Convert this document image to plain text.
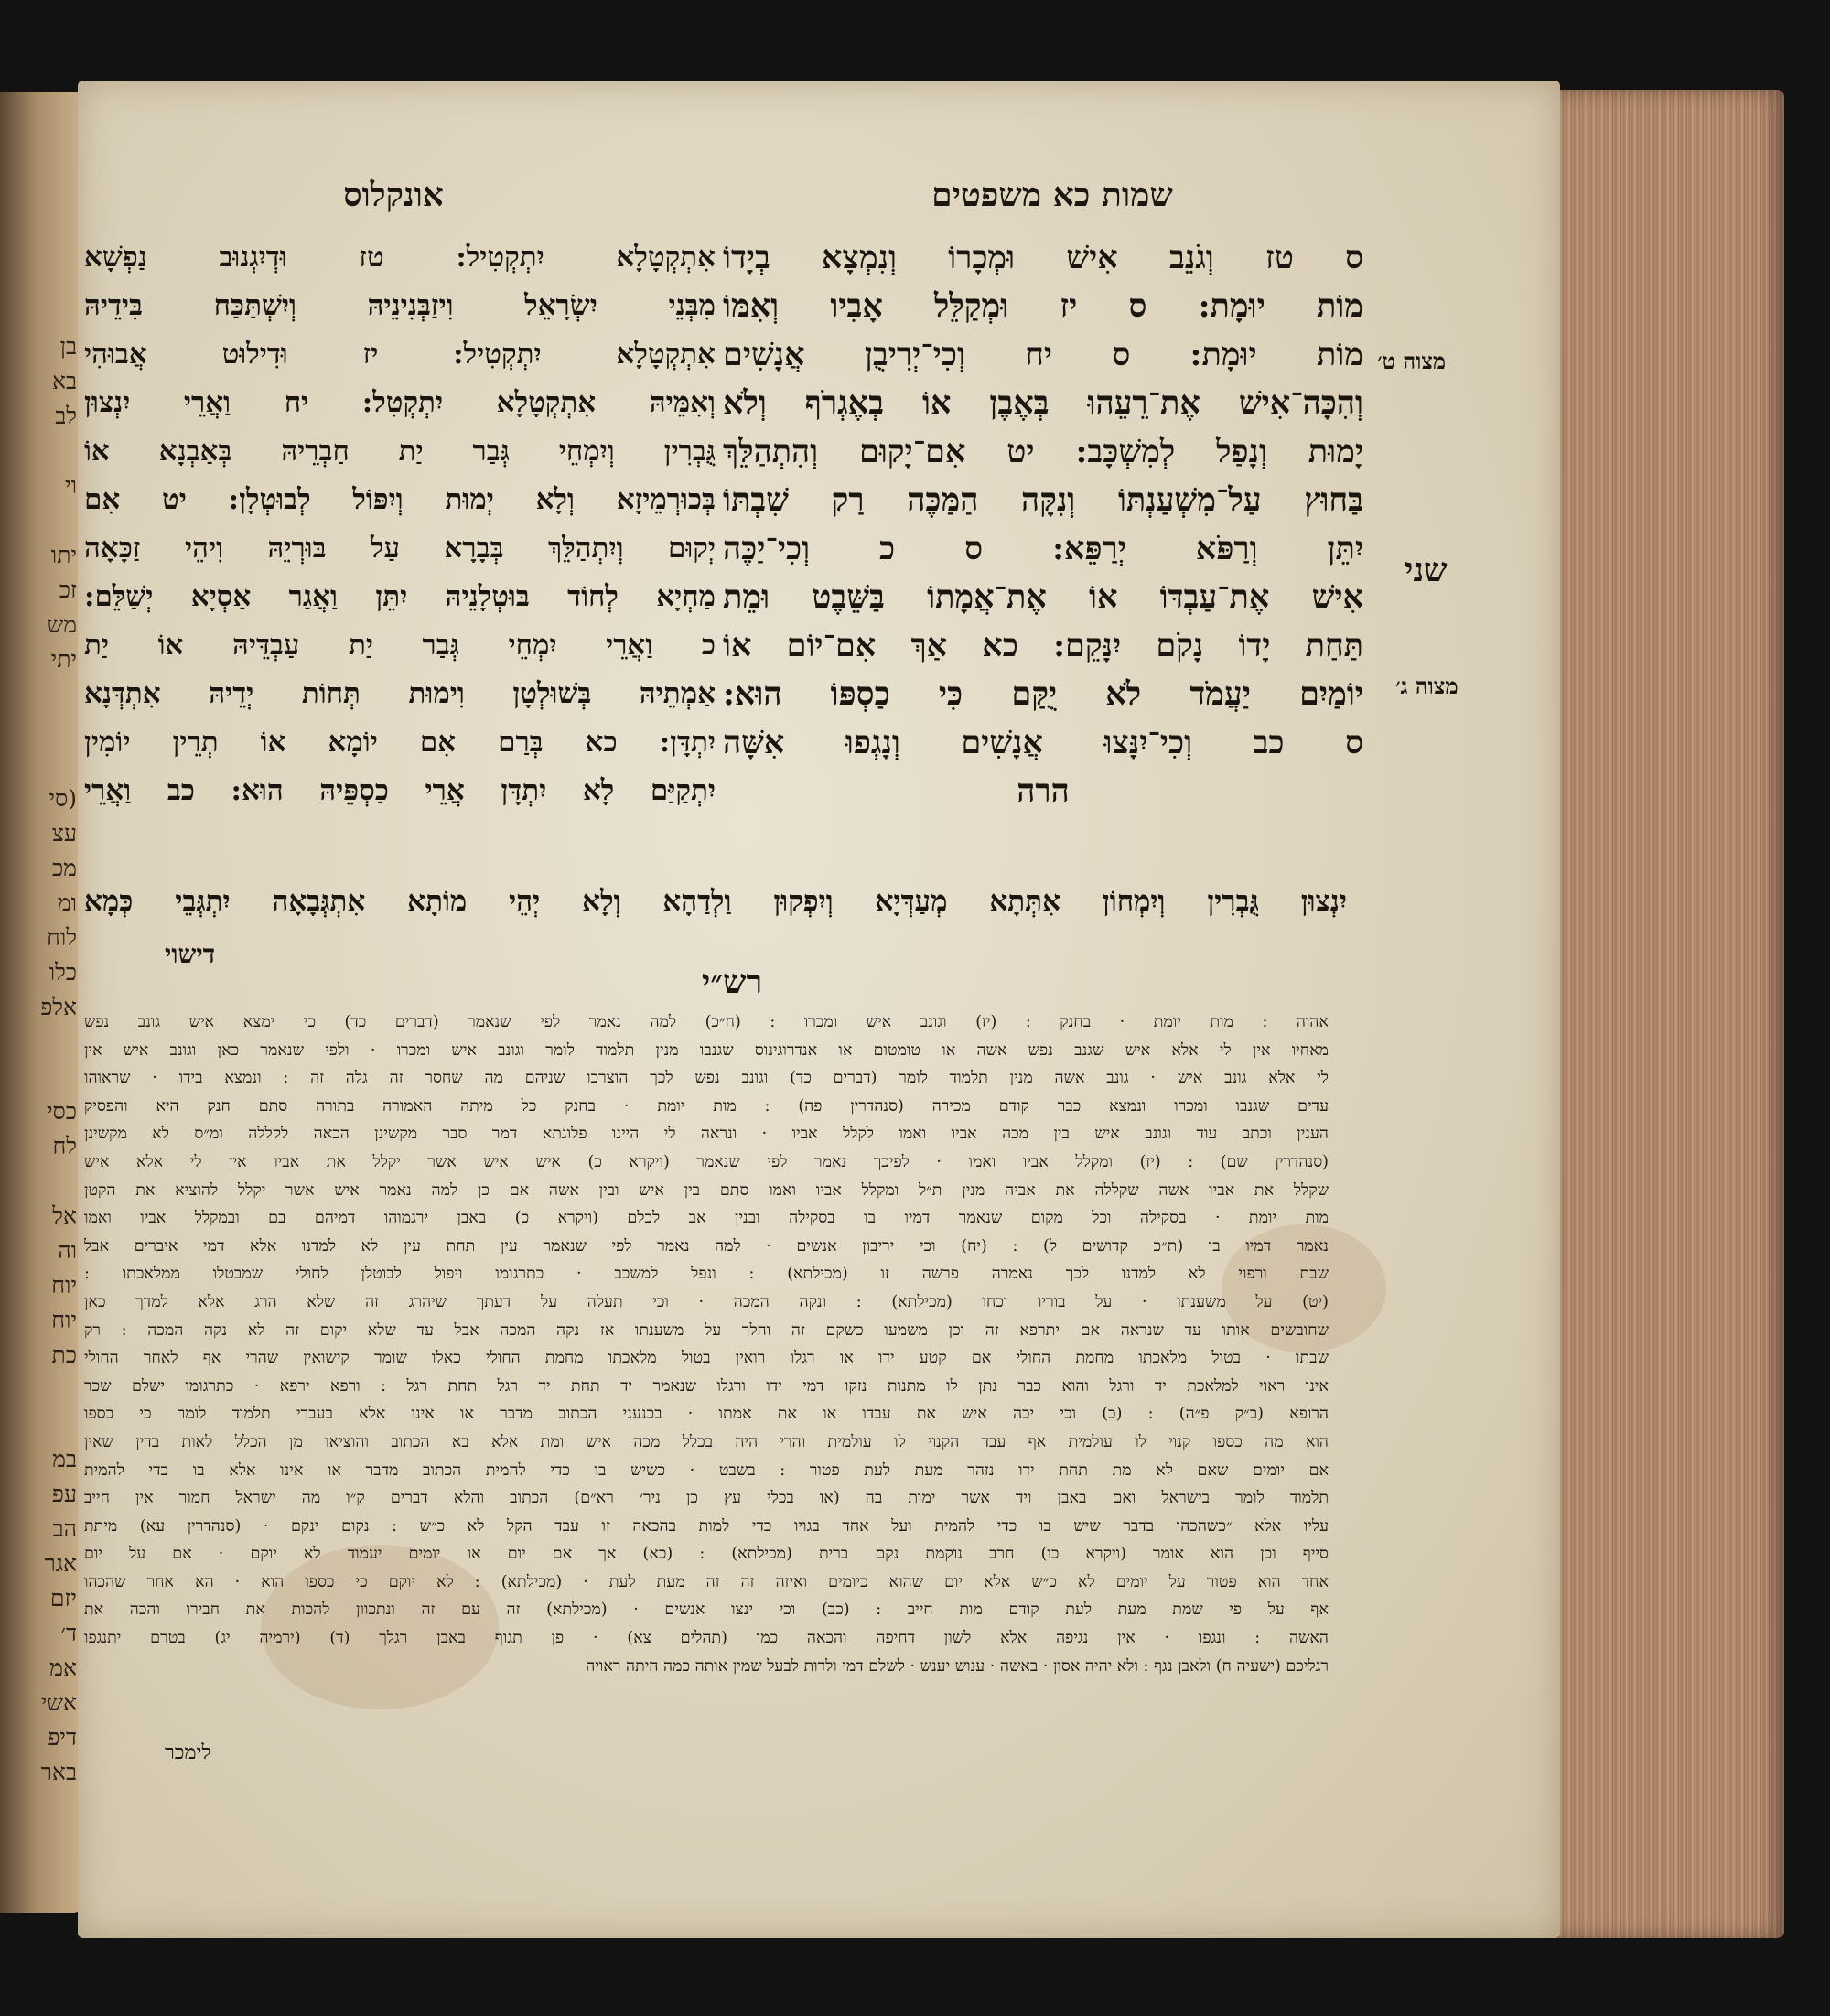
בן
בא
לב
וי
יתו
זכ
מש
יתי
(סי
עצ
מכ
ומ
לוח
כלו
אלפ
כסי
לח
אל
וה
יוח
יוח
כת
במ
עפ
הב
אגר
יזם
ד׳
אמ
אשי
דיפ
באר
שמות כא משפטים
אונקלוס
מצוה ט׳
שני
מצוה ג׳
ס טז וְגֹנֵב אִישׁ וּמְכָרוֹ וְנִמְצָא בְיָדוֹ
מוֹת יוּמָת: ס יז וּמְקַלֵּל אָבִיו וְאִמּוֹ
מוֹת יוּמָת: ס יח וְכִי־יְרִיבֻן אֲנָשִׁים
וְהִכָּה־אִישׁ אֶת־רֵעֵהוּ בְּאֶבֶן אוֹ בְאֶגְרֹף וְלֹא
יָמוּת וְנָפַל לְמִשְׁכָּב: יט אִם־יָקוּם וְהִתְהַלֵּךְ
בַּחוּץ עַל־מִשְׁעַנְתּוֹ וְנִקָּה הַמַּכֶּה רַק שִׁבְתּוֹ
יִתֵּן וְרַפֹּא יְרַפֵּא: ס כ וְכִי־יַכֶּה
אִישׁ אֶת־עַבְדּוֹ אוֹ אֶת־אֲמָתוֹ בַּשֵּׁבֶט וּמֵת
תַּחַת יָדוֹ נָקֹם יִנָּקֵם: כא אַךְ אִם־יוֹם אוֹ
יוֹמַיִם יַעֲמֹד לֹא יֻקַּם כִּי כַסְפּוֹ הוּא:
ס כב וְכִי־יִנָּצוּ אֲנָשִׁים וְנָגְפוּ אִשָּׁה
הרה
אִתְקְטָלָא יִתְקְטִיל: טז וּדְיִגְנוּב נַפְשָׁא
מִבְּנֵי יִשְׂרָאֵל וִיזַבְּנִינֵיהּ וְיִשְׁתַּכַּח בִּידֵיהּ
אִתְקְטָלָא יִתְקְטִיל: יז וּדִילוּט אֲבוּהִי
וְאִמֵּיהּ אִתְקְטָלָא יִתְקְטִל: יח וַאֲרֵי יִנְצוּן
גֻּבְרִין וְיִמְחֵי גְּבַר יַת חַבְרֵיהּ בְּאַבְנָא אוֹ
בְּכוּרְמֵיזָא וְלָא יְמוּת וְיִפּוֹל לְבוּטְלָן: יט אִם
יְקוּם וְיִתְהַלֵּךְ בְּבָרָא עַל בּוּרְיֵהּ וִיהֵי זַכָּאָה
מַחְיָא לְחוֹד בּוּטְלָנֵיהּ יִתֵּן וַאֲגַר אַסְיָא יְשַׁלֵּם:
כ וַאֲרֵי יִמְחֵי גְּבַר יַת עַבְדֵּיהּ אוֹ יַת
אַמְתֵיהּ בְּשׁוּלְטָן וִימוּת תְּחוֹת יְדֵיהּ אִתְדְּנָא
יִתְדָּן: כא בְּרַם אִם יוֹמָא אוֹ תְרֵין יוֹמִין
יִתְקַיַּם לָא יִתְדָּן אֲרֵי כַסְפֵּיהּ הוּא: כב וַאֲרֵי
יִנְצוּן גֻּבְרִין וְיִמְחוֹן אִתְּתָא מְעַדְּיָא וְיִפְקוּן וַלְדַהָא וְלָא יְהֵי מוֹתָא אִתְגְּבָאָה יִתְגְּבֵי כְּמָא
דישוי
רש״י
אהוה : מות יומת · בחנק : (יז) וגונב איש ומכרו : (ח״כ) למה נאמר לפי שנאמר (דברים כד) כי ימצא איש גונב נפש
מאחיו אין לי אלא איש שגנב נפש אשה או טומטום או אנדרוגינוס שגנבו מנין תלמוד לומר וגונב איש ומכרו · ולפי שנאמר כאן וגונב איש אין
לי אלא גונב איש · גונב אשה מנין תלמוד לומר (דברים כד) וגונב נפש לכך הוצרכו שניהם מה שחסר זה גלה זה : ונמצא בידו · שראוהו
עדים שגנבו ומכרו ונמצא כבר קודם מכירה (סנהדרין פה) : מות יומת · בחנק כל מיתה האמורה בתורה סתם חנק היא והפסיק
הענין וכתב עוד וגונב איש בין מכה אביו ואמו לקלל אביו · ונראה לי היינו פלוגתא דמר סבר מקשינן הכאה לקללה ומ״ס לא מקשינן
(סנהדרין שם) : (יז) ומקלל אביו ואמו · לפיכך נאמר לפי שנאמר (ויקרא כ) איש איש אשר יקלל את אביו אין לי אלא איש
שקלל את אביו אשה שקללה את אביה מנין ת״ל ומקלל אביו ואמו סתם בין איש ובין אשה אם כן למה נאמר איש אשר יקלל להוציא את הקטן
מות יומת · בסקילה וכל מקום שנאמר דמיו בו בסקילה ובנין אב לכלם (ויקרא כ) באבן ירגמוהו דמיהם בם ובמקלל אביו ואמו
נאמר דמיו בו (ת״כ קדושים ל) : (יח) וכי יריבון אנשים · למה נאמר לפי שנאמר עין תחת עין לא למדנו אלא דמי איברים אבל
שבת ורפוי לא למדנו לכך נאמרה פרשה זו (מכילתא) : ונפל למשכב · כתרגומו ויפול לבוטלן לחולי שמבטלו ממלאכתו :
(יט) על משענתו · על בוריו וכחו (מכילתא) : ונקה המכה · וכי תעלה על דעתך שיהרג זה שלא הרג אלא למדך כאן
שחובשים אותו עד שנראה אם יתרפא זה וכן משמעו כשקם זה והלך על משענתו אז נקה המכה אבל עד שלא יקום זה לא נקה המכה : רק
שבתו · בטול מלאכתו מחמת החולי אם קטע ידו או רגלו רואין בטול מלאכתו מחמת החולי כאלו שומר קישואין שהרי אף לאחר החולי
אינו ראוי למלאכת יד ורגל והוא כבר נתן לו מתנות נזקו דמי ידו ורגלו שנאמר יד תחת יד רגל תחת רגל : ורפא ירפא · כתרגומו ישלם שכר
הרופא (ב״ק פ״ה) : (כ) וכי יכה איש את עבדו או את אמתו · בכנעני הכתוב מדבר או אינו אלא בעברי תלמוד לומר כי כספו
הוא מה כספו קנוי לו עולמית אף עבד הקנוי לו עולמית והרי היה בכלל מכה איש ומת אלא בא הכתוב והוציאו מן הכלל לאות בדין שאין
אם יומים שאם לא מת תחת ידו נזהר מעת לעת פטור : בשבט · כשיש בו כדי להמית הכתוב מדבר או אינו אלא בו כדי להמית
תלמוד לומר בישראל ואם באבן ויד אשר ימות בה (או בכלי עץ כן ניר׳ רא״ם) הכתוב והלא דברים ק״ו מה ישראל חמור אין חייב
עליו אלא ״כשהכהו בדבר שיש בו כדי להמית ועל אחד בגויו כדי למות בהכאה זו עבד הקל לא כ״ש : נקום ינקם · (סנהדרין עא) מיתת
סייף וכן הוא אומר (ויקרא כו) חרב נוקמת נקם ברית (מכילתא) : (כא) אך אם יום או יומים יעמוד לא יוקם · אם על יום
אחד הוא פטור על יומים לא כ״ש אלא יום שהוא כיומים ואיזה זה זה מעת לעת · (מכילתא) : לא יוקם כי כספו הוא · הא אחר שהכהו
אף על פי שמת מעת לעת קודם מות חייב : (כב) וכי ינצו אנשים · (מכילתא) זה עם זה ונתכוון להכות את חבירו והכה את
האשה : ונגפו · אין נגיפה אלא לשון דחיפה והכאה כמו (תהלים צא) · פן תגוף באבן רגלך (ד) (ירמיה יג) בטרם יתנגפו
רגליכם (ישעיה ח) ולאבן נגף : ולא יהיה אסון · באשה · ענוש יענש · לשלם דמי ולדות לבעל שמין אותה כמה היתה ראויה
לימכר
